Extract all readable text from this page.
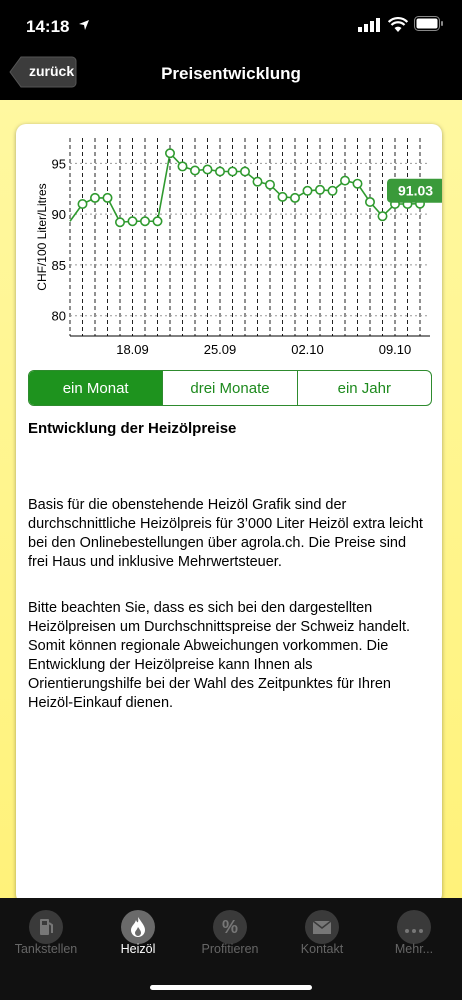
14:18
zurück	Preisentwicklung
80
85
90
95
18.09	25.09	02.10	09.10
CHF/100 Liter/Litres	91.03
ein Monat	drei Monate	ein Jahr
Entwicklung der Heizölpreise
Basis für die obenstehende Heizöl Grafik sind der durchschnittliche Heizölpreis für 3’000 Liter Heizöl extra leicht bei den Onlinebestellungen über agrola.ch. Die Preise sind frei Haus und inklusive Mehrwertsteuer.
Bitte beachten Sie, dass es sich bei den dargestellten Heizölpreisen um Durchschnittspreise der Schweiz handelt. Somit können regionale Abweichungen vorkommen. Die Entwicklung der Heizölpreise kann Ihnen als Orientierungshilfe bei der Wahl des Zeitpunktes für Ihren Heizöl-Einkauf dienen.
Tankstellen	Heizöl
%
Profitieren	Kontakt	Mehr...
